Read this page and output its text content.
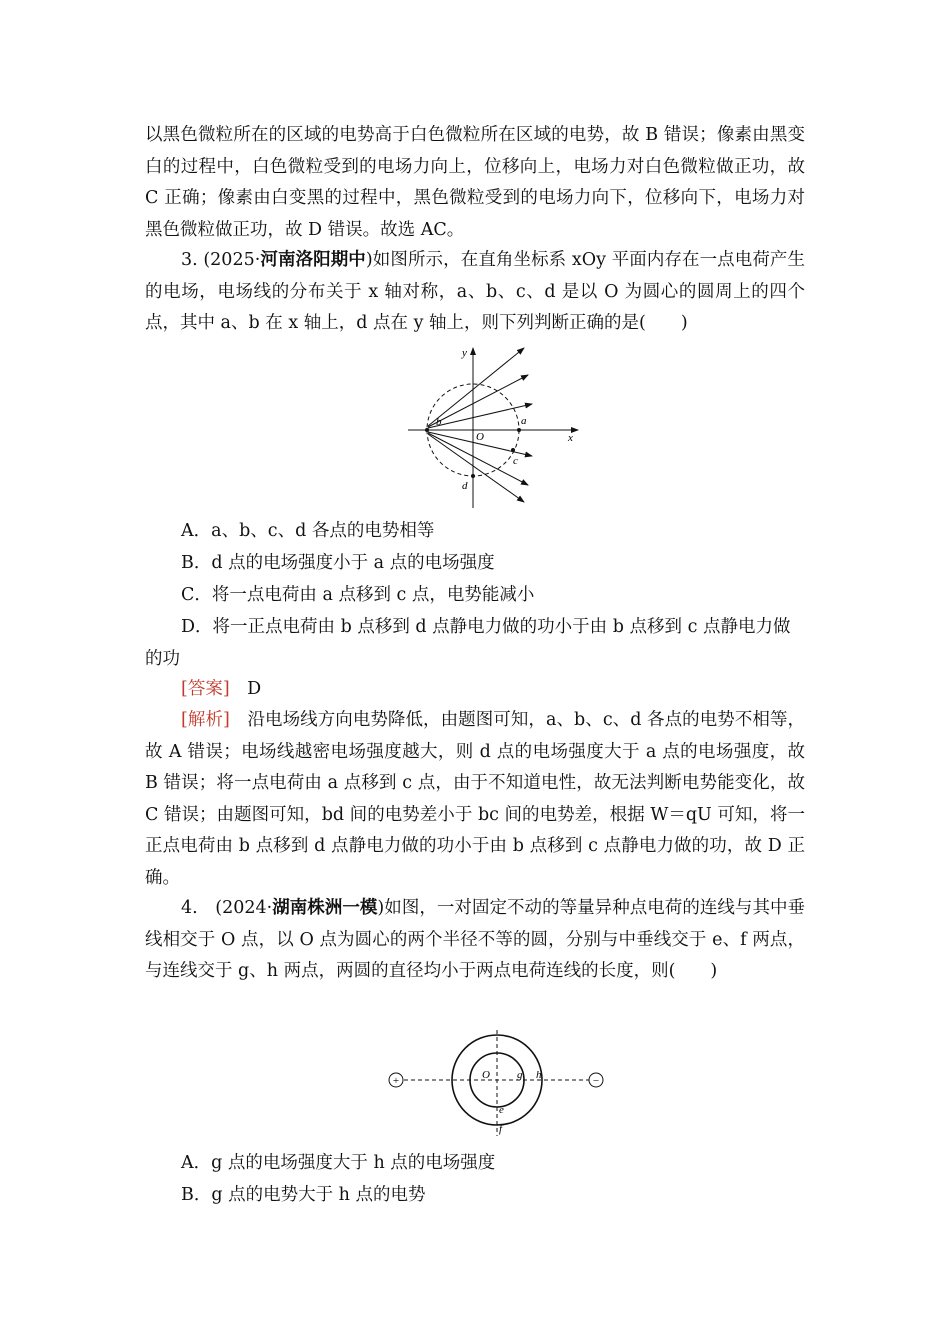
以黑色微粒所在的区域的电势高于白色微粒所在区域的电势，故 B 错误；像素由黑变白的过程中，白色微粒受到的电场力向上，位移向上，电场力对白色微粒做正功，故 C 正确；像素由白变黑的过程中，黑色微粒受到的电场力向下，位移向下，电场力对黑色微粒做正功，故 D 错误。故选 AC。

3. (2025·河南洛阳期中)如图所示，在直角坐标系 xOy 平面内存在一点电荷产生的电场，电场线的分布关于 x 轴对称，a、b、c、d 是以 O 为圆心的圆周上的四个点，其中 a、b 在 x 轴上，d 点在 y 轴上，则下列判断正确的是(　　)

y
x
O
a
b
c
d

A．a、b、c、d 各点的电势相等

B．d 点的电场强度小于 a 点的电场强度

C．将一点电荷由 a 点移到 c 点，电势能减小

D．将一正点电荷由 b 点移到 d 点静电力做的功小于由 b 点移到 c 点静电力做的功

[答案]　 D

[解析]　 沿电场线方向电势降低，由题图可知，a、b、c、d 各点的电势不相等，故 A 错误；电场线越密电场强度越大，则 d 点的电场强度大于 a 点的电场强度，故 B 错误；将一点电荷由 a 点移到 c 点，由于不知道电性，故无法判断电势能变化，故 C 错误；由题图可知，bd 间的电势差小于 bc 间的电势差，根据 W＝qU 可知，将一正点电荷由 b 点移到 d 点静电力做的功小于由 b 点移到 c 点静电力做的功，故 D 正确。

4.　(2024·湖南株洲一模)如图，一对固定不动的等量异种点电荷的连线与其中垂线相交于 O 点，以 O 点为圆心的两个半径不等的圆，分别与中垂线交于 e、f 两点，与连线交于 g、h 两点，两圆的直径均小于两点电荷连线的长度，则(　　)

+	−
O g h
e
f

A．g 点的电场强度大于 h 点的电场强度

B．g 点的电势大于 h 点的电势
